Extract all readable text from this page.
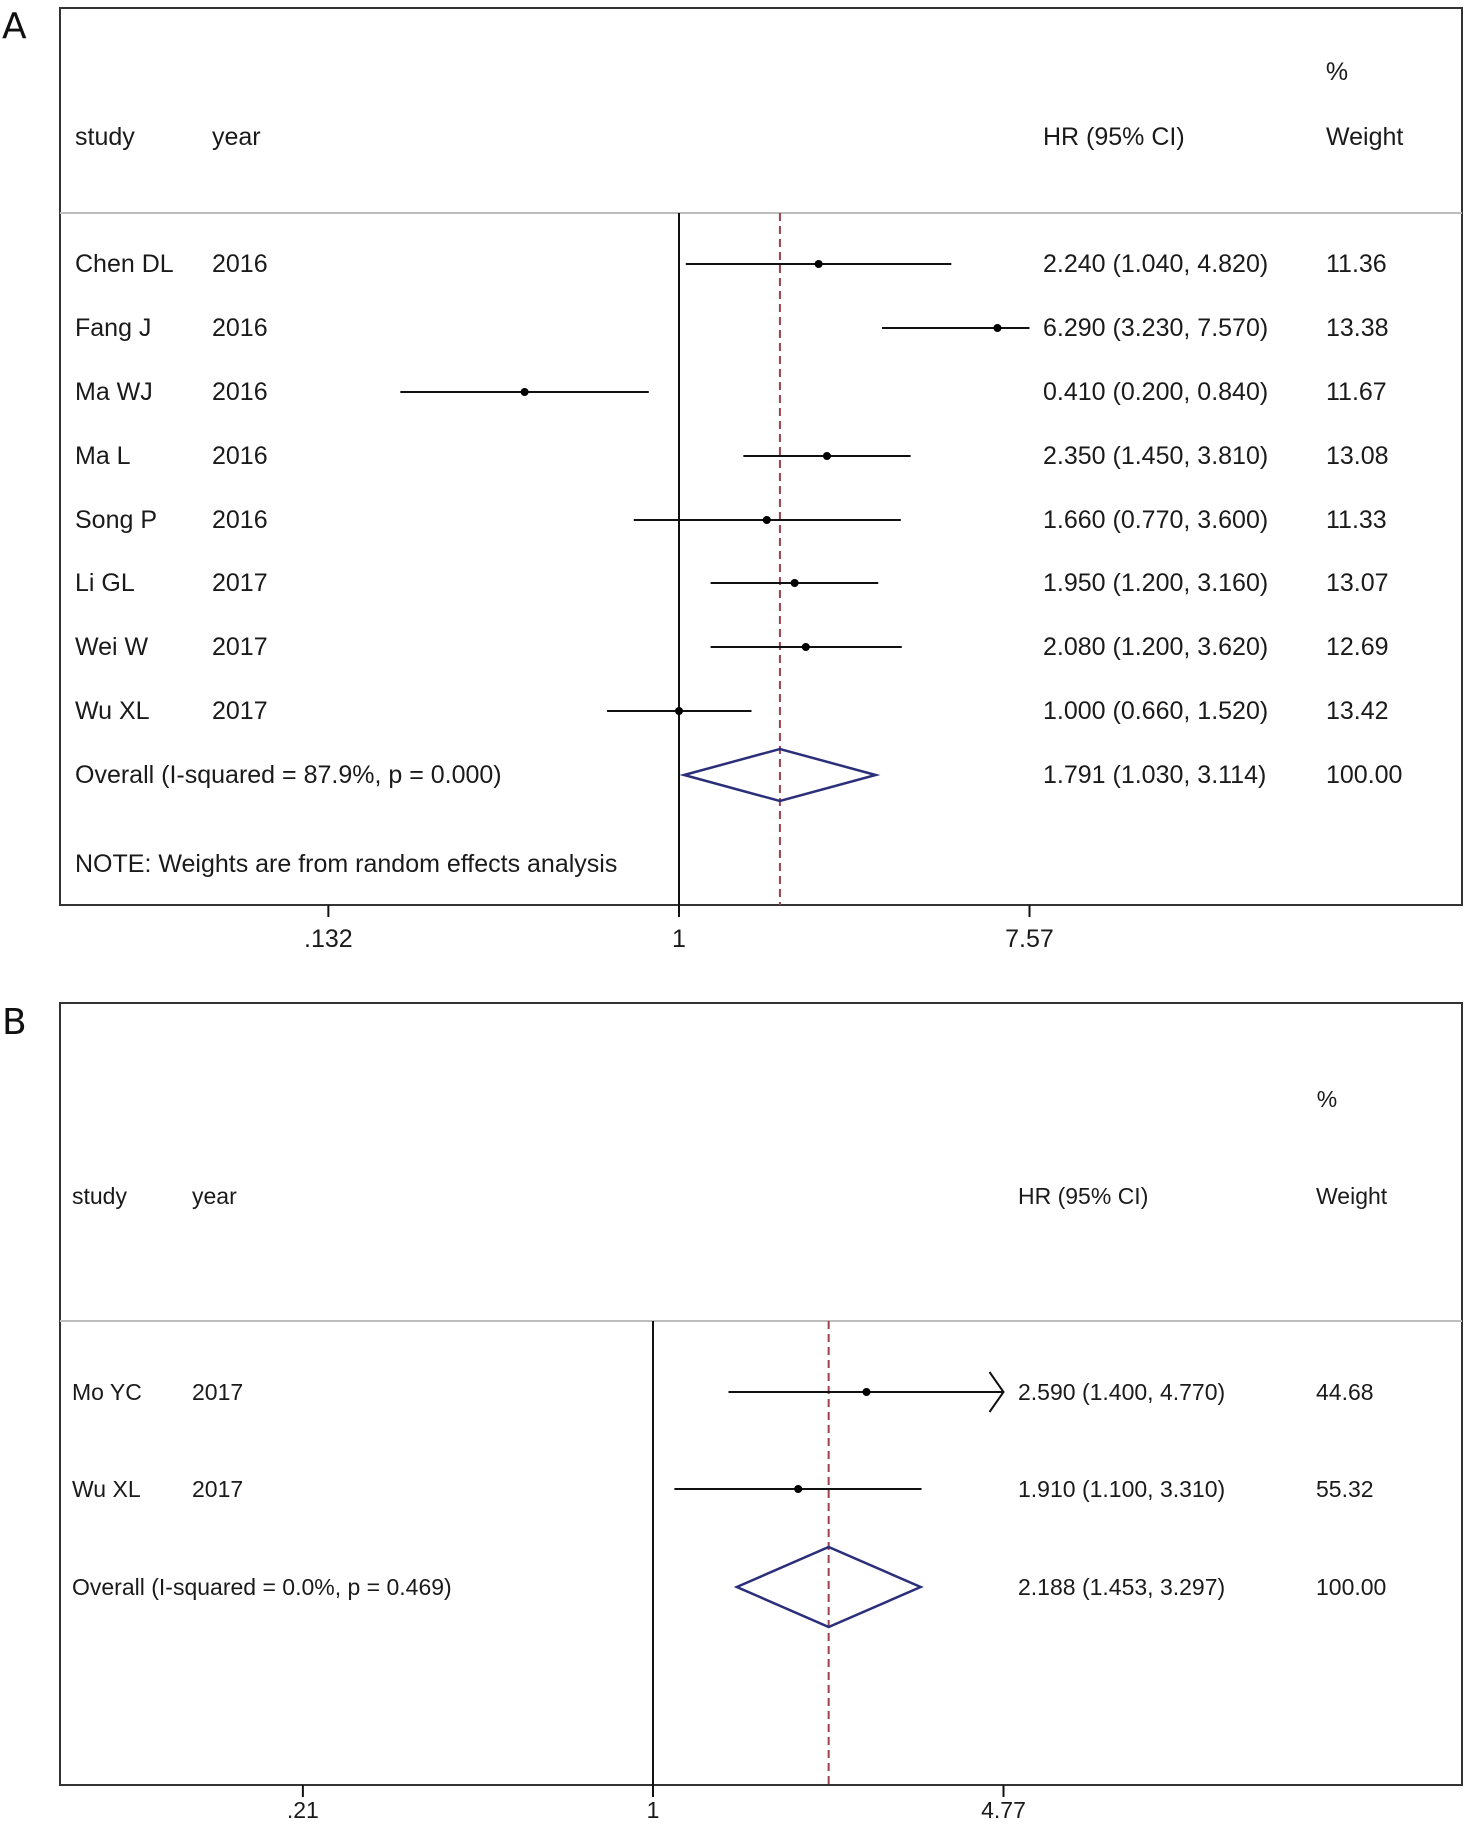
A
B
study	year	HR (95% CI)
%
Weight
Chen DL 2016	2.240 (1.040, 4.820) 11.36
Fang J 2016	6.290 (3.230, 7.570) 13.38
Ma WJ 2016	0.410 (0.200, 0.840) 11.67
Ma L	2016	2.350 (1.450, 3.810) 13.08
Song P 2016	1.660 (0.770, 3.600) 11.33
Li GL	2017	1.950 (1.200, 3.160) 13.07
Wei W	2017	2.080 (1.200, 3.620) 12.69
Wu XL 2017	1.000 (0.660, 1.520) 13.42
Overall (I-squared = 87.9%, p = 0.000)	1.791 (1.030, 3.114) 100.00
NOTE: Weights are from random effects analysis
.132	1	7.57
study	year	HR (95% CI)
%
Weight
Mo YC 2017	2.590 (1.400, 4.770)	44.68
Wu XL 2017	1.910 (1.100, 3.310)	55.32
Overall (I-squared = 0.0%, p = 0.469)	2.188 (1.453, 3.297)	100.00
.21	1	4.77
